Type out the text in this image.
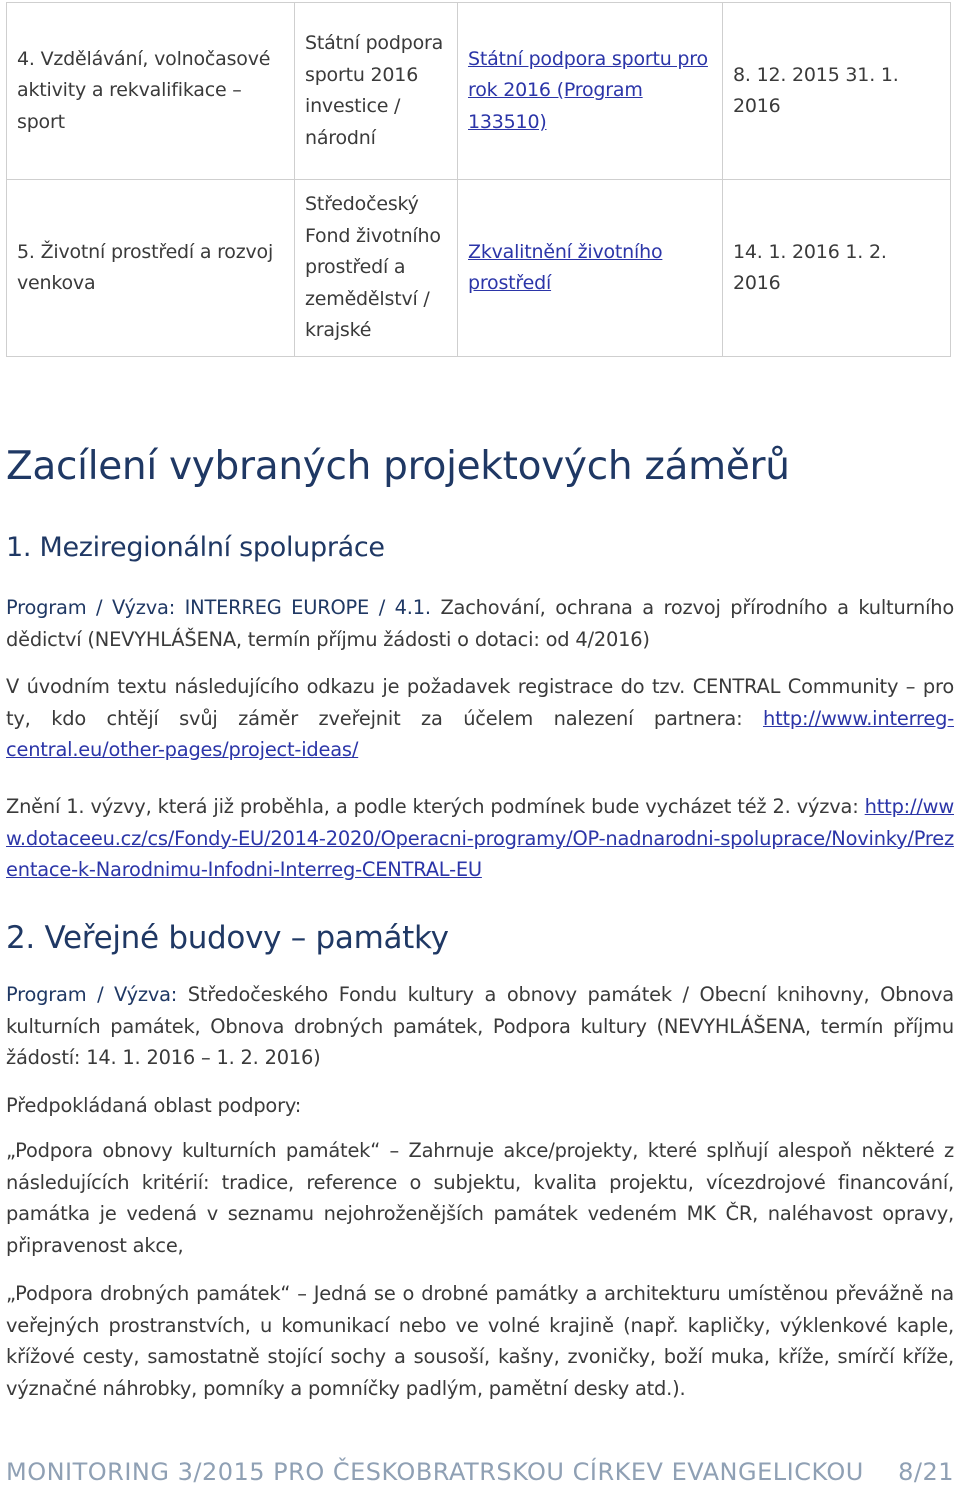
4. Vzdělávání, volnočasové aktivity a rekvalifikace – sport	Státní podpora sportu 2016 investice / národní	Státní podpora sportu pro rok 2016 (Program 133510)	8. 12. 2015 31. 1. 2016
5. Životní prostředí a rozvoj venkova	Středočeský Fond životního prostředí a zemědělství / krajské	Zkvalitnění životního prostředí	14. 1. 2016 1. 2. 2016
Zacílení vybraných projektových záměrů
1. Meziregionální spolupráce

Program / Výzva: INTERREG EUROPE / 4.1. Zachování, ochrana a rozvoj přírodního a kulturního dědictví (NEVYHLÁŠENA, termín příjmu žádosti o dotaci: od 4/2016)

V úvodním textu následujícího odkazu je požadavek registrace do tzv. CENTRAL Community – pro ty, kdo chtějí svůj záměr zveřejnit za účelem nalezení partnera: http://www.interreg-central.eu/other-pages/project-ideas/

Znění 1. výzvy, která již proběhla, a podle kterých podmínek bude vycházet též 2. výzva: http://www.dotaceeu.cz/cs/Fondy-EU/2014-2020/Operacni-programy/OP-nadnarodni-spoluprace/Novinky/Prezentace-k-Narodnimu-Infodni-Interreg-CENTRAL-EU

2. Veřejné budovy – památky

Program / Výzva: Středočeského Fondu kultury a obnovy památek / Obecní knihovny, Obnova kulturních památek, Obnova drobných památek, Podpora kultury (NEVYHLÁŠENA, termín příjmu žádostí: 14. 1. 2016 – 1. 2. 2016)

Předpokládaná oblast podpory:

„Podpora obnovy kulturních památek“ – Zahrnuje akce/projekty, které splňují alespoň některé z následujících kritérií: tradice, reference o subjektu, kvalita projektu, vícezdrojové financování, památka je vedená v seznamu nejohroženějších památek vedeném MK ČR, naléhavost opravy, připravenost akce,

„Podpora drobných památek“ – Jedná se o drobné památky a architekturu umístěnou převážně na veřejných prostranstvích, u komunikací nebo ve volné krajině (např. kapličky, výklenkové kaple, křížové cesty, samostatně stojící sochy a sousoší, kašny, zvoničky, boží muka, kříže, smírčí kříže, význačné náhrobky, pomníky a pomníčky padlým, pamětní desky atd.).

MONITORING 3/2015 PRO ČESKOBRATRSKOU CÍRKEV EVANGELICKOU 8/21
